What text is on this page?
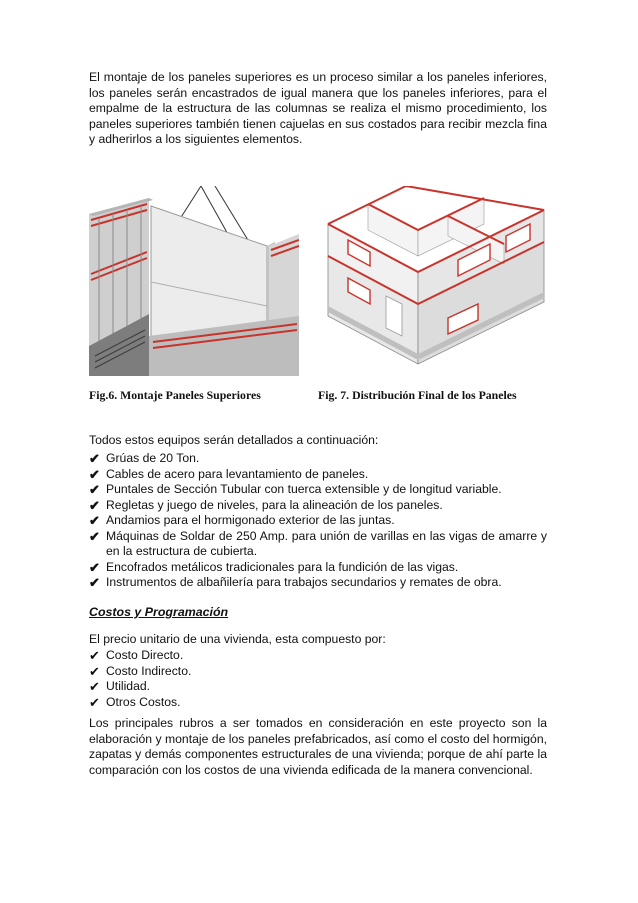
El montaje de los paneles superiores es un proceso similar a los paneles inferiores, los paneles serán encastrados de igual manera que los paneles inferiores, para el empalme de la estructura de las columnas se realiza el mismo procedimiento, los paneles superiores también tienen cajuelas en sus costados para recibir mezcla fina y adherirlos a los siguientes elementos.

Fig.6. Montaje Paneles Superiores	Fig. 7. Distribución Final de los Paneles

Todos estos equipos serán detallados a continuación:

✔ Grúas de 20 Ton.
✔ Cables de acero para levantamiento de paneles.
✔ Puntales de Sección Tubular con tuerca extensible y de longitud variable.
✔ Regletas y juego de niveles, para la alineación de los paneles.
✔ Andamios para el hormigonado exterior de las juntas.
✔ Máquinas de Soldar de 250 Amp. para unión de varillas en las vigas de amarre y en la estructura de cubierta.
✔ Encofrados metálicos tradicionales para la fundición de las vigas.
✔ Instrumentos de albañilería para trabajos secundarios y remates de obra.
Costos y Programación

El precio unitario de una vivienda, esta compuesto por:

✔ Costo Directo.
✔ Costo Indirecto.
✔ Utilidad.
✔ Otros Costos.

Los principales rubros a ser tomados en consideración en este proyecto son la elaboración y montaje de los paneles prefabricados, así como el costo del hormigón, zapatas y demás componentes estructurales de una vivienda; porque de ahí parte la comparación con los costos de una vivienda edificada de la manera convencional.
